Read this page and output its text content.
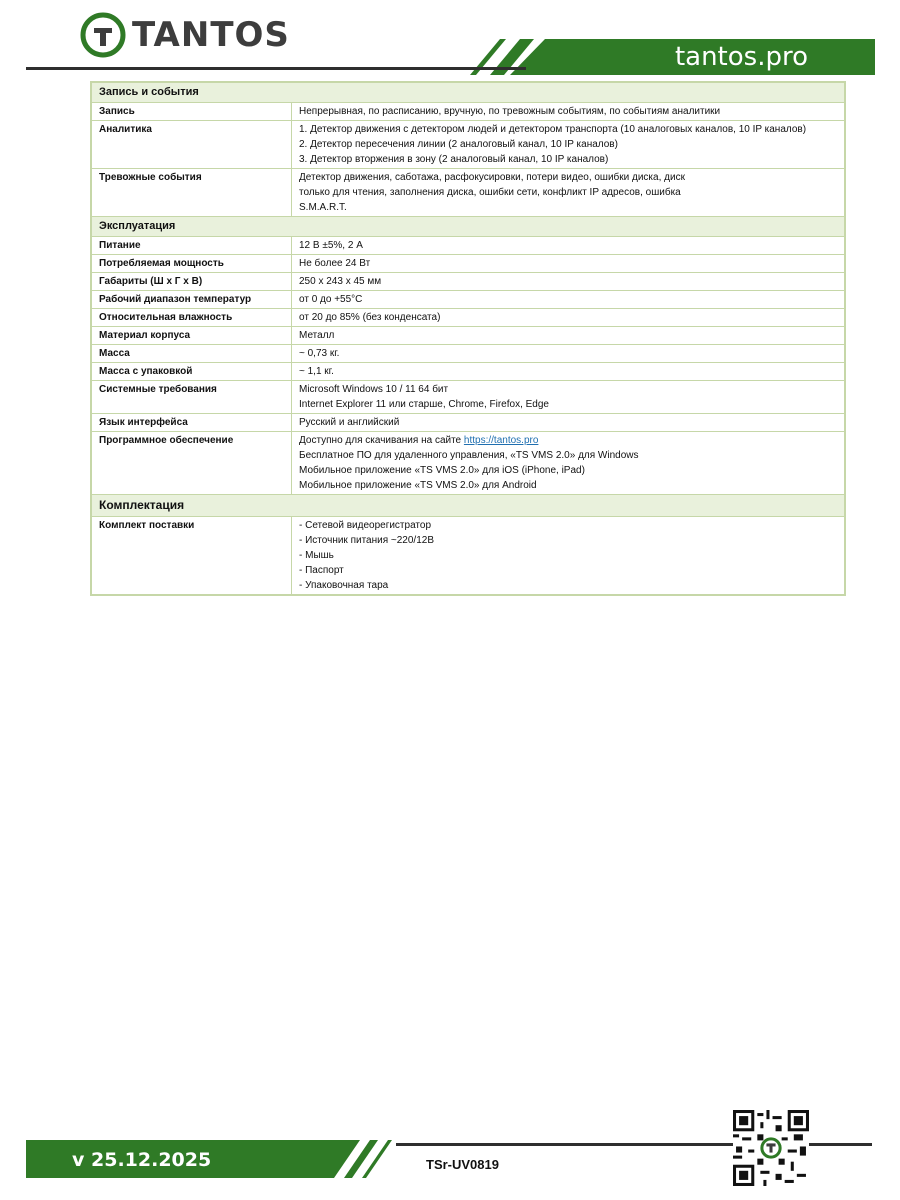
TANTOS
tantos.pro
Запись и события	
Запись	Непрерывная, по расписанию, вручную, по тревожным событиям, по событиям аналитики

Аналитика	1. Детектор движения с детектором людей и детектором транспорта (10 аналоговых каналов, 10 IP каналов)
2. Детектор пересечения линии (2 аналоговый канал, 10 IP каналов)
3. Детектор вторжения в зону (2 аналоговый канал, 10 IP каналов)

Тревожные события	Детектор движения, саботажа, расфокусировки, потери видео, ошибки диска, диск
только для чтения, заполнения диска, ошибки сети, конфликт IP адресов, ошибка
S.M.A.R.T.

Эксплуатация	
Питание	12 В ±5%, 2 А

Потребляемая мощность	Не более 24 Вт

Габариты (Ш х Г х В)	250 х 243 х 45 мм

Рабочий диапазон температур	от 0 до +55°С

Относительная влажность	от 20 до 85% (без конденсата)

Материал корпуса	Металл

Масса	~ 0,73 кг.

Масса с упаковкой	~ 1,1 кг.

Системные требования	Microsoft Windows 10 / 11 64 бит
Internet Explorer 11 или старше, Chrome, Firefox, Edge

Язык интерфейса	Русский и английский

Программное обеспечение	Доступно для скачивания на сайте https://tantos.pro
Бесплатное ПО для удаленного управления, «TS VMS 2.0» для Windows
Мобильное приложение «TS VMS 2.0» для iOS (iPhone, iPad)
Мобильное приложение «TS VMS 2.0» для Android

Комплектация	
Комплект поставки	- Сетевой видеорегистратор
- Источник питания ~220/12В
- Мышь
- Паспорт
- Упаковочная тара
v 25.12.2025	TSr-UV0819
